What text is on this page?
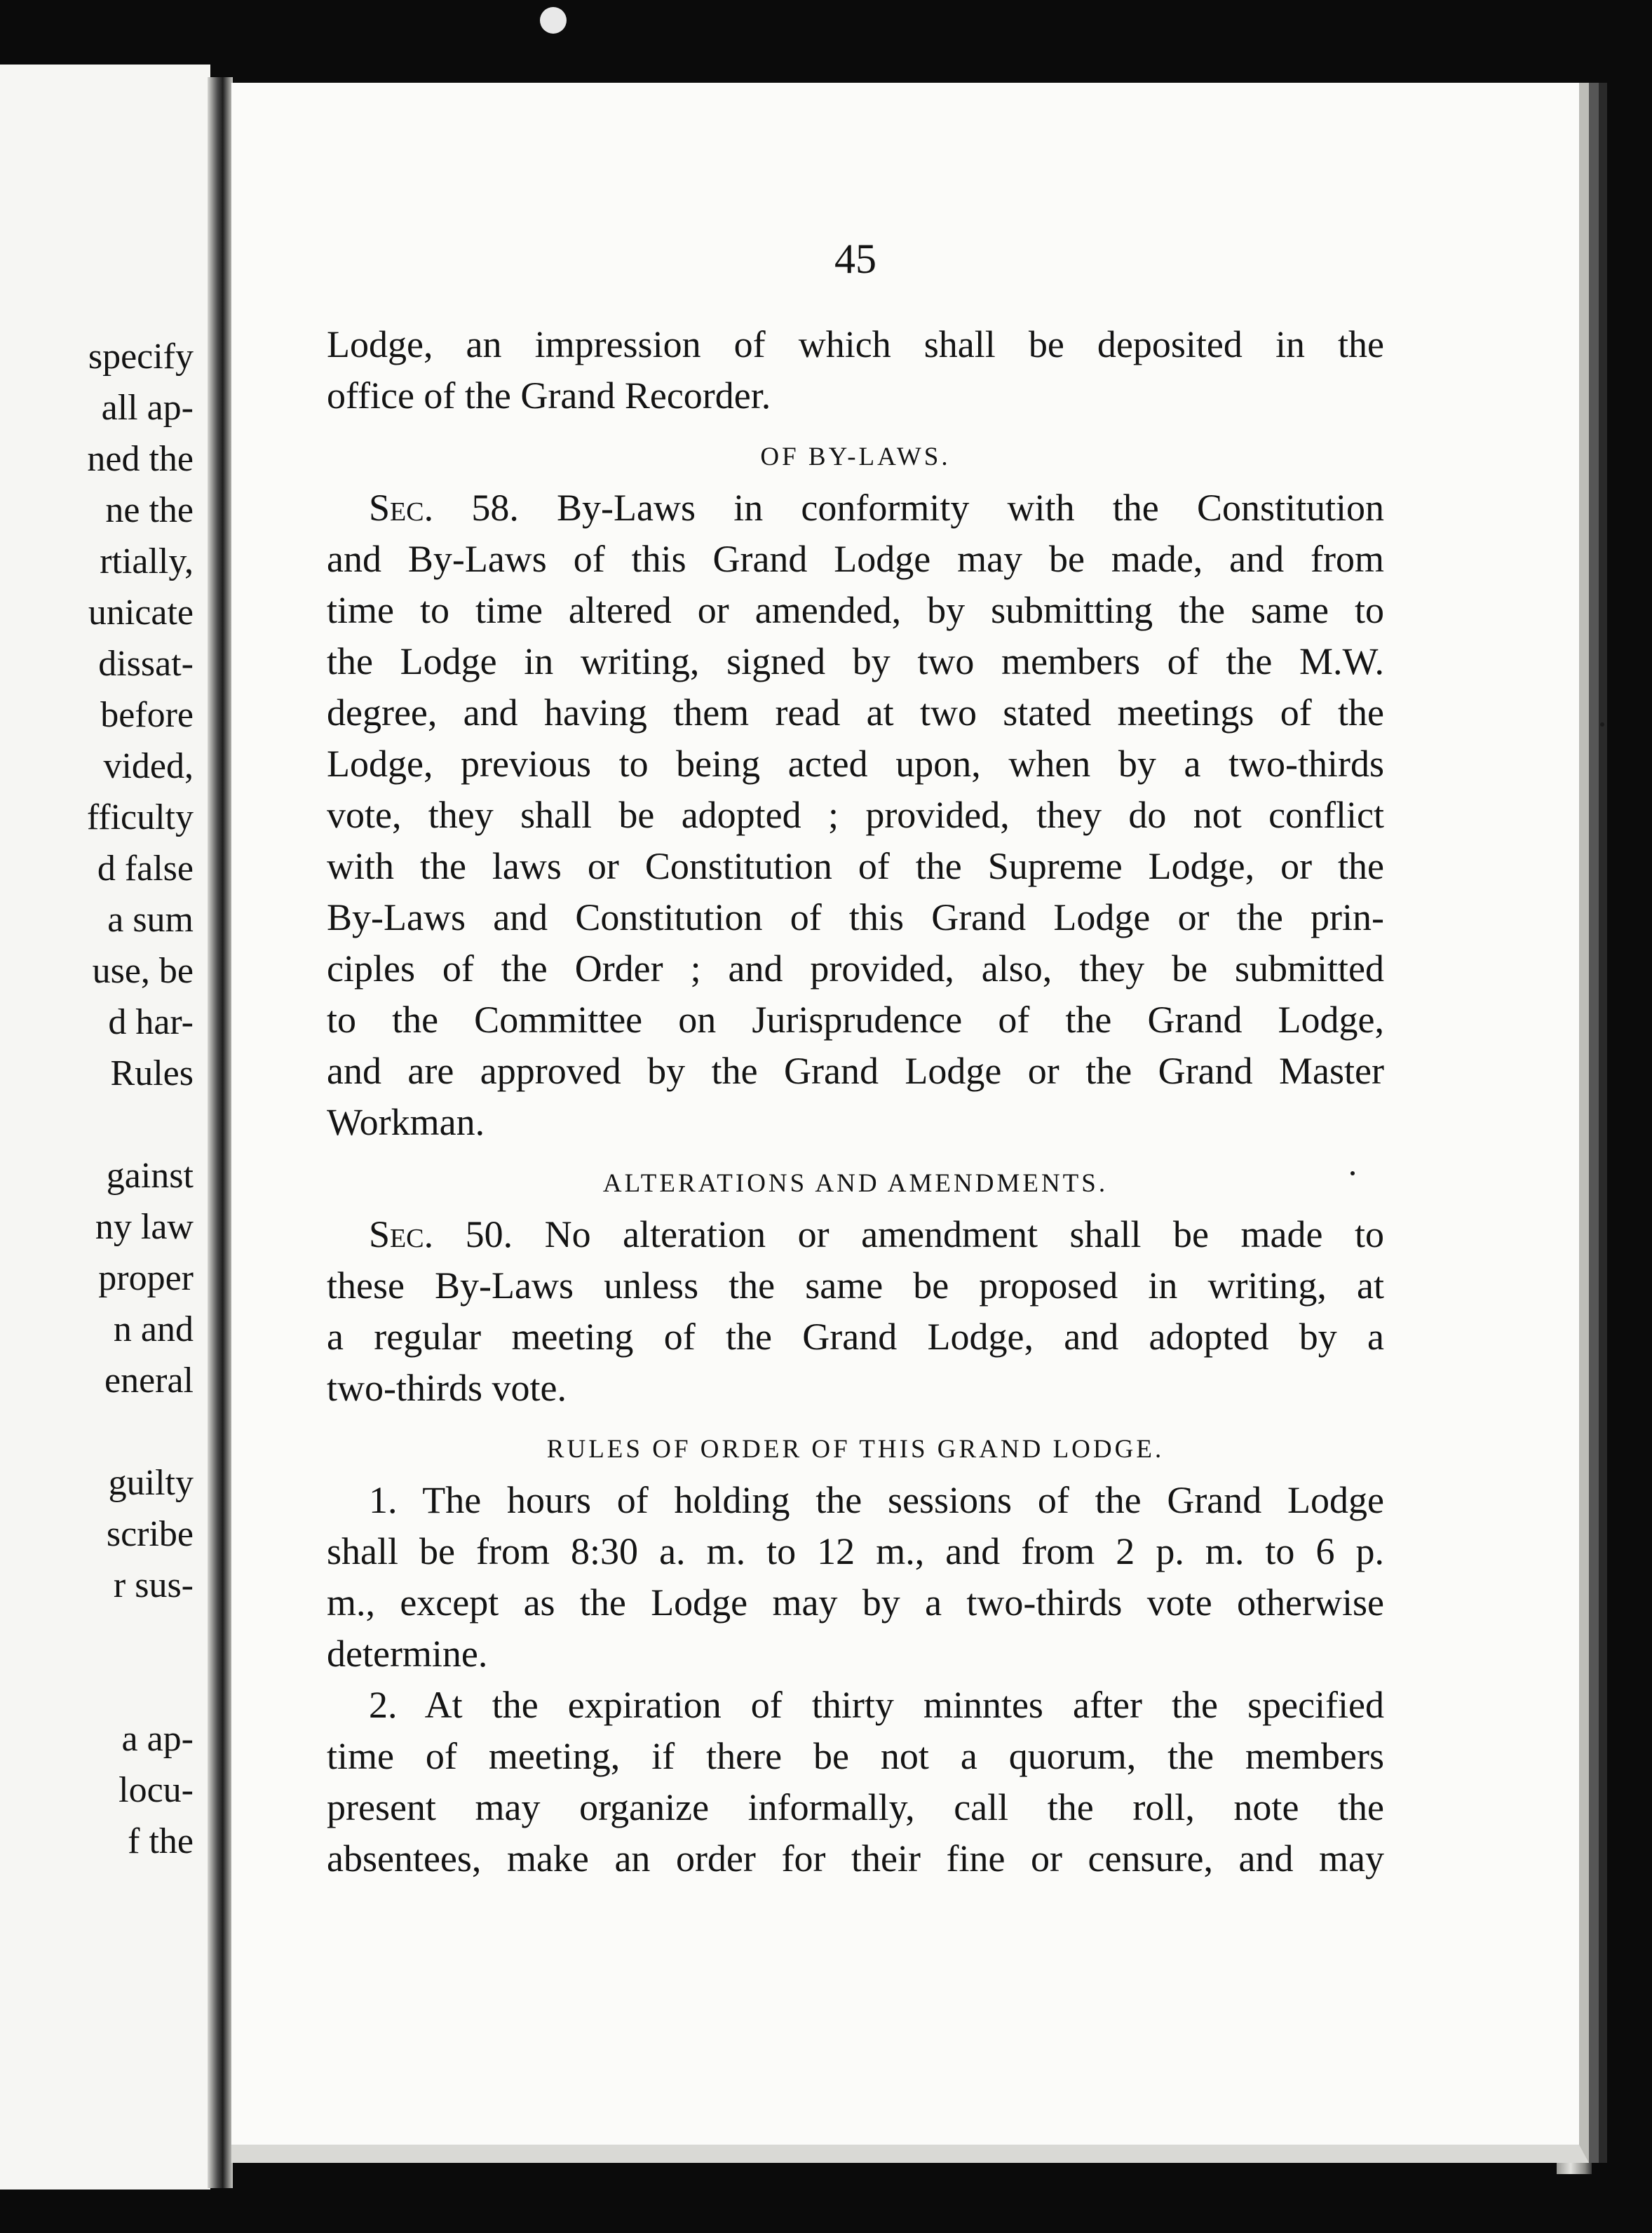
specify
all ap-
ned the
ne the
rtially,
unicate
dissat-
before
vided,
fficulty
d false
a sum
use, be
d har-
Rules

gainst
ny law
proper
n and
eneral

guilty
scribe
r sus-

a ap-
locu-
f the
45
Lodge, an impression of which shall be deposited in the
office of the Grand Recorder.
OF BY-LAWS.
Sec. 58. By-Laws in conformity with the Constitution
and By-Laws of this Grand Lodge may be made, and from
time to time altered or amended, by submitting the same to
the Lodge in writing, signed by two members of the M.W.
degree, and having them read at two stated meetings of the
Lodge, previous to being acted upon, when by a two-thirds
vote, they shall be adopted ; provided, they do not conflict
with the laws or Constitution of the Supreme Lodge, or the
By-Laws and Constitution of this Grand Lodge or the prin-
ciples of the Order ; and provided, also, they be submitted
to the Committee on Jurisprudence of the Grand Lodge,
and are approved by the Grand Lodge or the Grand Master
Workman.
ALTERATIONS AND AMENDMENTS.
Sec. 50. No alteration or amendment shall be made to
these By-Laws unless the same be proposed in writing, at
a regular meeting of the Grand Lodge, and adopted by a
two-thirds vote.
RULES OF ORDER OF THIS GRAND LODGE.
1. The hours of holding the sessions of the Grand Lodge
shall be from 8:30 a. m. to 12 m., and from 2 p. m. to 6 p.
m., except as the Lodge may by a two-thirds vote otherwise
determine.
2. At the expiration of thirty minntes after the specified
time of meeting, if there be not a quorum, the members
present may organize informally, call the roll, note the
absentees, make an order for their fine or censure, and may
